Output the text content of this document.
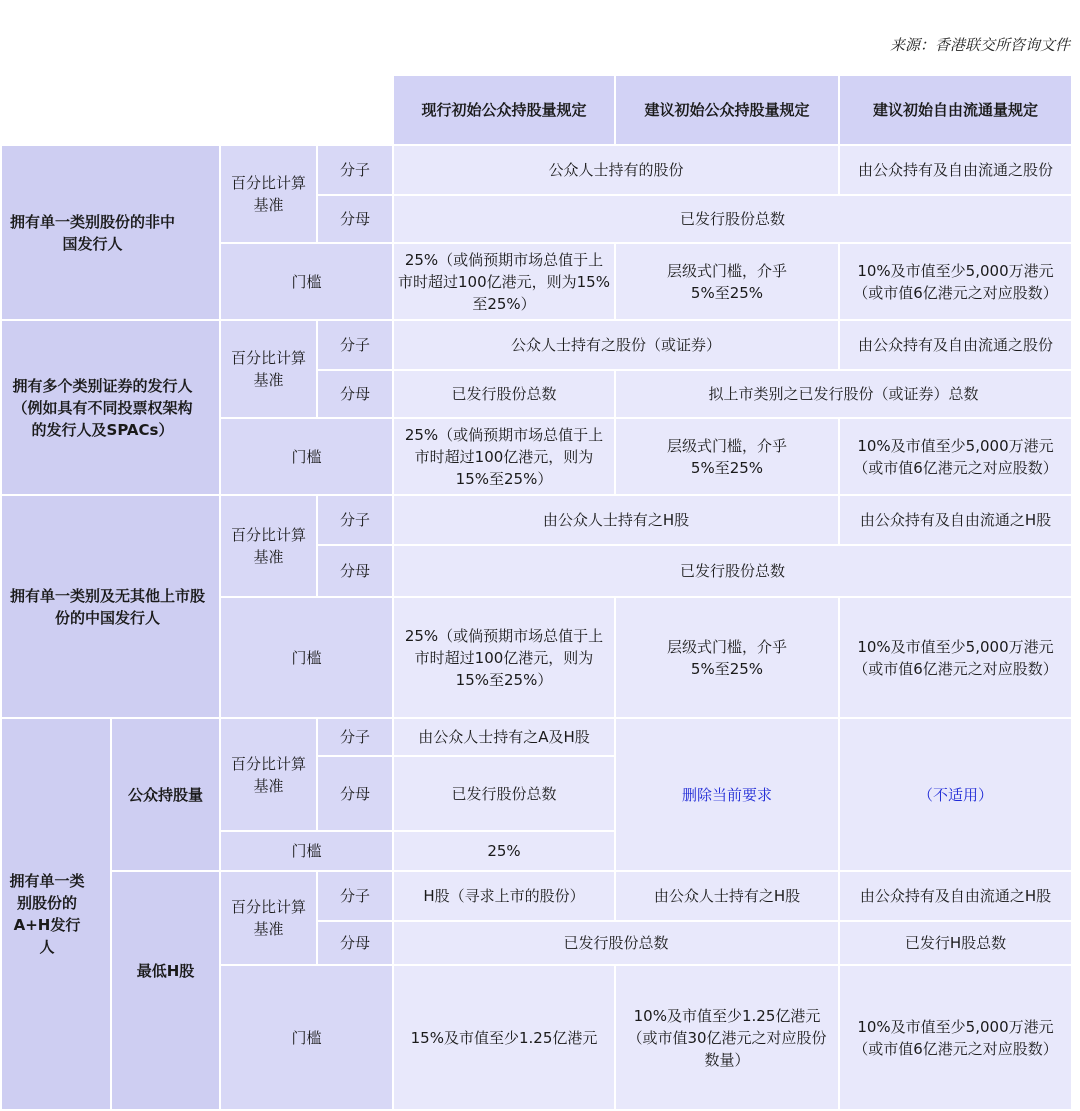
来源：香港联交所咨询文件
				现行初始公众持股量规定	建议初始公众持股量规定	建议初始自由流通量规定
拥有单一类别股份的非中国发行人		百分比计算基准	分子	公众人士持有的股份		由公众持有及自由流通之股份
			分母	已发行股份总数		
		门槛		25%（或倘预期市场总值于上市时超过100亿港元，则为15%至25%）	层级式门槛，介乎5%至25%	10%及市值至少5,000万港元（或市值6亿港元之对应股数）
拥有多个类别证券的发行人（例如具有不同投票权架构的发行人及SPACs）		百分比计算基准	分子	公众人士持有之股份（或证券）		由公众持有及自由流通之股份
			分母	已发行股份总数	拟上市类别之已发行股份（或证券）总数	
		门槛		25%（或倘预期市场总值于上市时超过100亿港元，则为15%至25%）	层级式门槛，介乎5%至25%	10%及市值至少5,000万港元（或市值6亿港元之对应股数）
拥有单一类别及无其他上市股份的中国发行人		百分比计算基准	分子	由公众人士持有之H股		由公众持有及自由流通之H股
			分母	已发行股份总数		
		门槛		25%（或倘预期市场总值于上市时超过100亿港元，则为15%至25%）	层级式门槛，介乎5%至25%	10%及市值至少5,000万港元（或市值6亿港元之对应股数）
拥有单一类别股份的A+H发行 人	公众持股量	百分比计算基准	分子	由公众人士持有之A及H股	删除当前要求	（不适用）
			分母	已发行股份总数		
		门槛		25%		
	最低H股	百分比计算基准	分子	H股（寻求上市的股份）	由公众人士持有之H股	由公众持有及自由流通之H股
			分母	已发行股份总数		已发行H股总数
		门槛		15%及市值至少1.25亿港元	10%及市值至少1.25亿港元（或市值30亿港元之对应股份数量）	10%及市值至少5,000万港元（或市值6亿港元之对应股数）
